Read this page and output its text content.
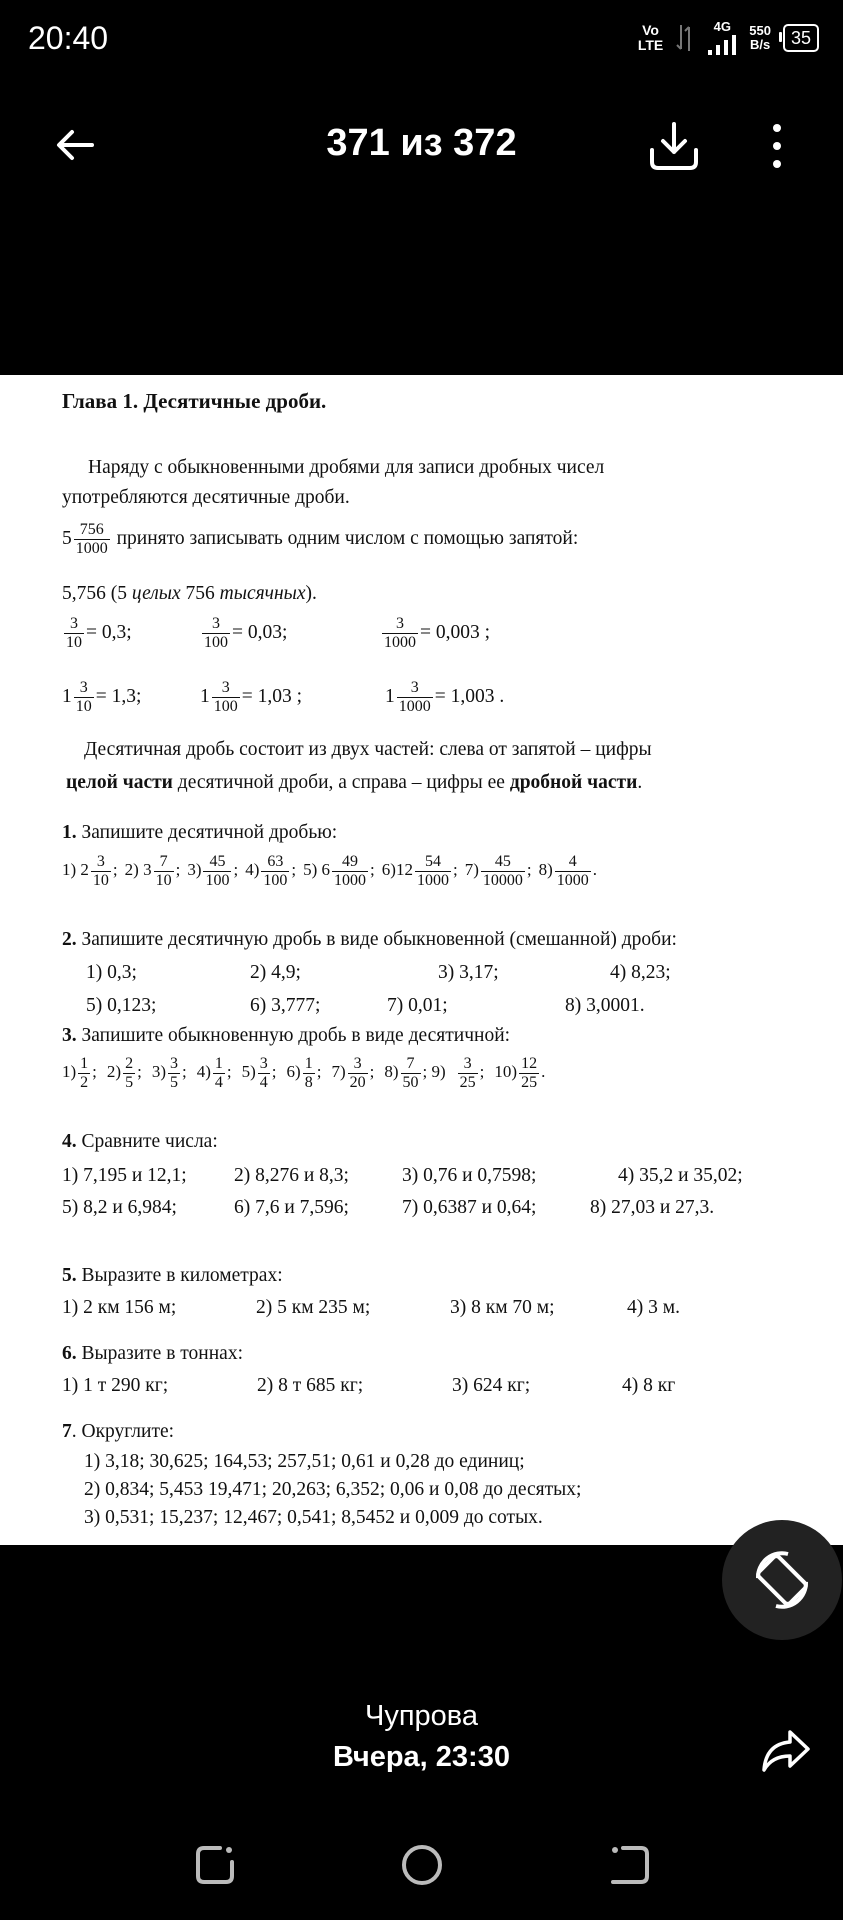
20:40	Vo
LTE
4G 550
B/s	35
371 из 372
Глава 1. Десятичные дроби.
Наряду с обыкновенными дробями для записи дробных чисел
употребляются десятичные дроби.
$5 \frac{756}{1000}$ принято записывать одним числом с помощью запятой:
5,756 (5 целых 756 тысячных).
$\frac{3}{10} = 0,3$;	$\frac{3}{100} = 0,03$;	$\frac{3}{1000} = 0,003$ ;
$1 \frac{3}{10} = 1,3$;	$1 \frac{3}{100} = 1,03$ ;	$1 \frac{3}{1000} = 1,003$ .
Десятичная дробь состоит из двух частей: слева от запятой – цифры
целой части десятичной дроби, а справа – цифры ее дробной части.
1. Запишите десятичной дробью:
1) $2 \frac{3}{10}$ ; 2) $3 \frac{7}{10}$ ; $3) \frac{45}{100}$ ; $4) \frac{63}{100}$ ; 5) $6 \frac{49}{1000}$ ; $6)12 \frac{54}{1000}$ ; $7) \frac{45}{10000}$ ; $8) \frac{4}{1000}$ .
2. Запишите десятичную дробь в виде обыкновенной (смешанной) дроби:
1) 0,3;	2) 4,9;	3) 3,17;	4) 8,23;
5) 0,123;	6) 3,777;	7) 0,01;	8) 3,0001.
3. Запишите обыкновенную дробь в виде десятичной:
$1) \frac{1}{2}$ ; $2) \frac{2}{5}$ ; $3) \frac{3}{5}$ ; $4) \frac{1}{4}$ ; $5) \frac{3}{4}$ ; $6) \frac{1}{8}$ ; $7) \frac{3}{20}$ ; $8) \frac{7}{50}$ ; $9) \frac{3}{25}$ ; $10) \frac{12}{25}$ .
4. Сравните числа:
1) 7,195 и 12,1; 2) 8,276 и 8,3;	3) 0,76 и 0,7598;	4) 35,2 и 35,02;
5) 8,2 и 6,984;	6) 7,6 и 7,596;	7) 0,6387 и 0,64;	8) 27,03 и 27,3.
5. Выразите в километрах:
1) 2 км 156 м;	2) 5 км 235 м;	3) 8 км 70 м;	4) 3 м.
6. Выразите в тоннах:
1) 1 т 290 кг;	2) 8 т 685 кг;	3) 624 кг;	4) 8 кг
7. Округлите:
1) 3,18; 30,625; 164,53; 257,51; 0,61 и 0,28 до единиц;
2) 0,834; 5,453 19,471; 20,263; 6,352; 0,06 и 0,08 до десятых;
3) 0,531; 15,237; 12,467; 0,541; 8,5452 и 0,009 до сотых.
Чупрова
Вчера, 23:30
